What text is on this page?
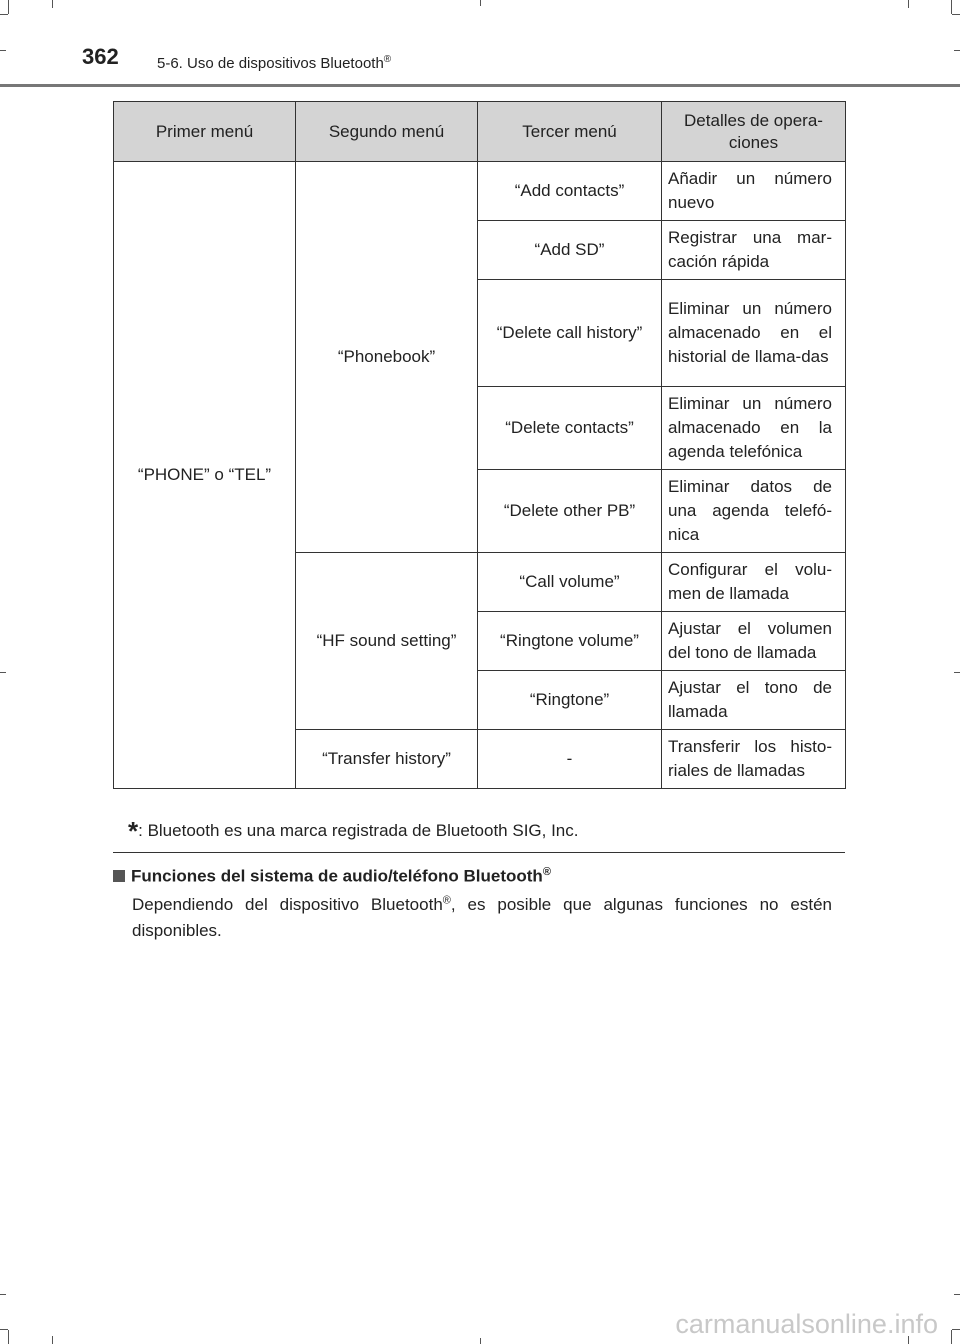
362	5-6. Uso de dispositivos Bluetooth®
Primer menú	Segundo menú	Tercer menú	Detalles de opera-ciones
“PHONE” o “TEL”	“Phonebook”	“Add contacts”	Añadir un número nuevo
		“Add SD”	Registrar una mar-cación rápida
		“Delete call history”	Eliminar un número almacenado en el historial de llama-das
		“Delete contacts”	Eliminar un número almacenado en la agenda telefónica
		“Delete other PB”	Eliminar datos de una agenda telefó-nica
	“HF sound setting”	“Call volume”	Configurar el volu-men de llamada
		“Ringtone volume”	Ajustar el volumen del tono de llamada
		“Ringtone”	Ajustar el tono de llamada
	“Transfer history”	-	Transferir los histo-riales de llamadas
*: Bluetooth es una marca registrada de Bluetooth SIG, Inc.
Funciones del sistema de audio/teléfono Bluetooth®
Dependiendo del dispositivo Bluetooth®, es posible que algunas funciones no estén disponibles.
carmanualsonline.info
